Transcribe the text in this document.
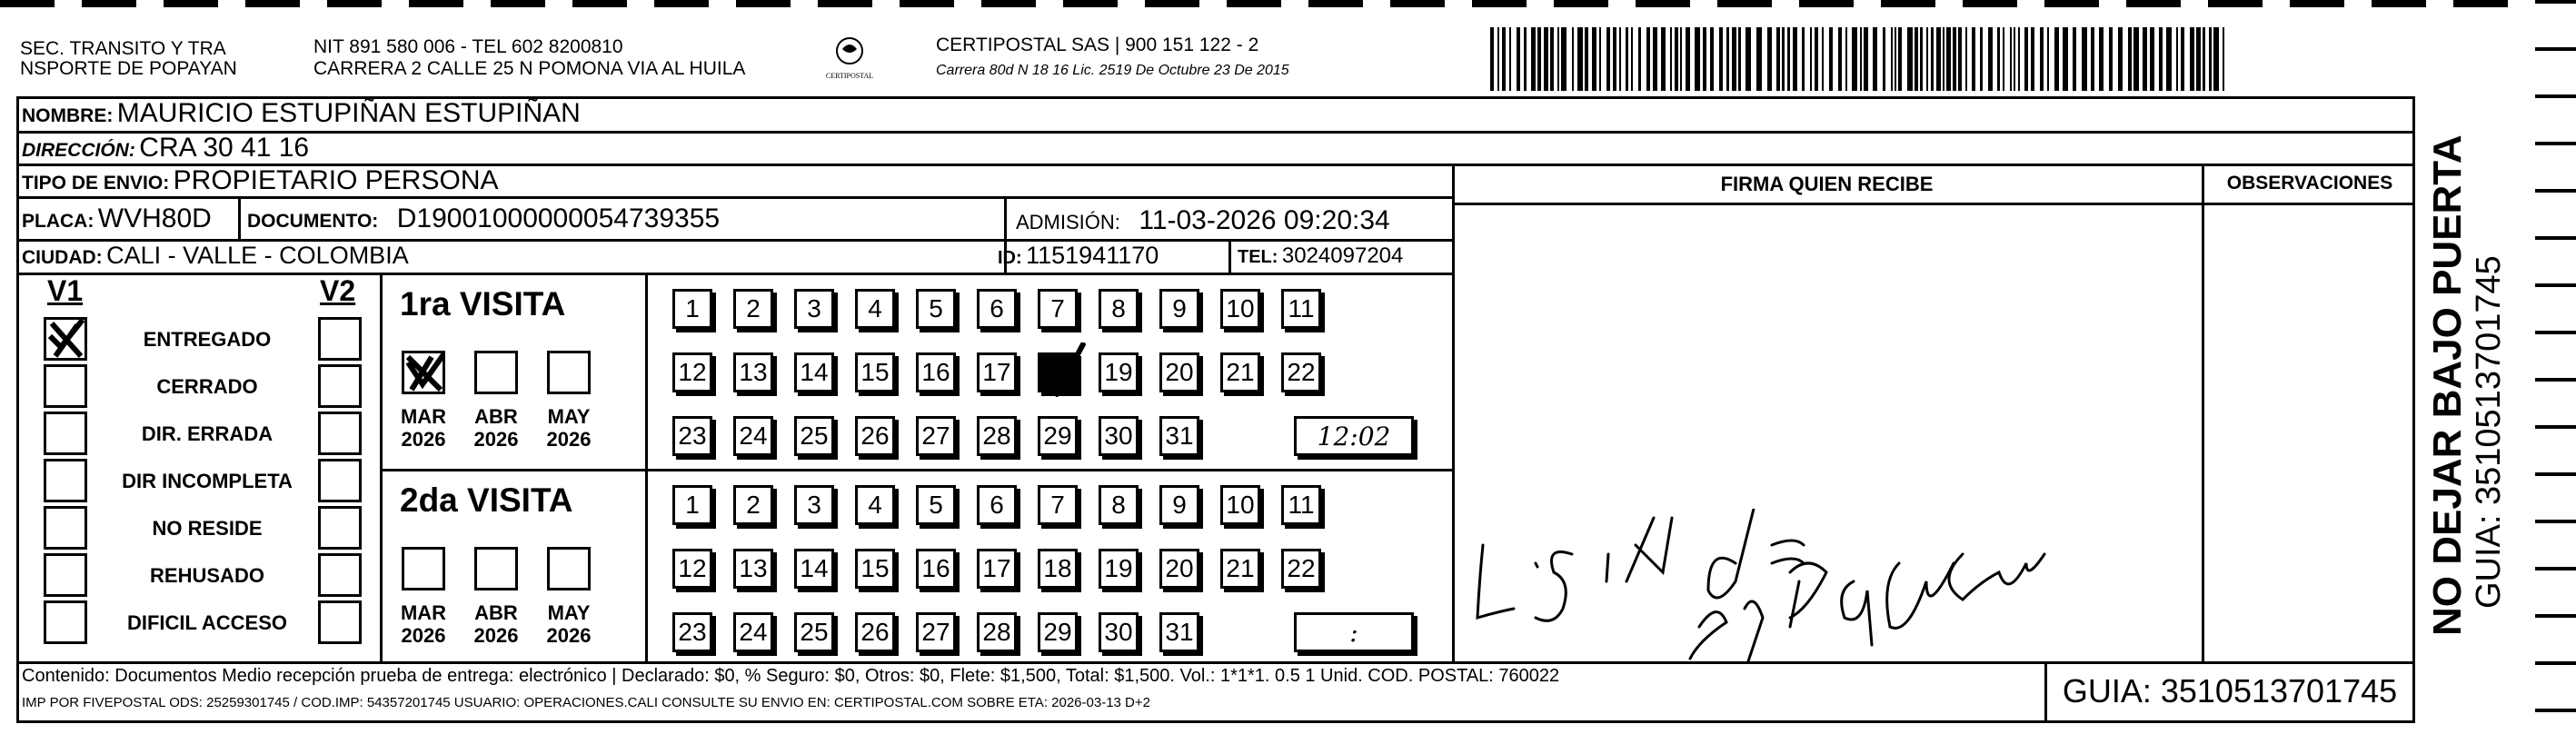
SEC. TRANSITO Y TRA
NSPORTE DE POPAYAN
NIT 891 580 006 - TEL 602 8200810
CARRERA 2 CALLE 25 N POMONA VIA AL HUILA	CERTIPOSTAL
CERTIPOSTAL SAS | 900 151 122 - 2
Carrera 80d N 18 16 Lic. 2519 De Octubre 23 De 2015
NOMBRE: MAURICIO ESTUPIÑAN ESTUPIÑAN
DIRECCIÓN: CRA 30 41 16
TIPO DE ENVIO: PROPIETARIO PERSONA
PLACA: WVH80D DOCUMENTO: D19001000000054739355	ADMISIÓN: 11-03-2026 09:20:34
CIUDAD: CALI - VALLE - COLOMBIA	ID: 1151941170	TEL: 3024097204
FIRMA QUIEN RECIBE	OBSERVACIONES
V1	V2
ENTREGADO
CERRADO
DIR. ERRADA
DIR INCOMPLETA
NO RESIDE
REHUSADO
DIFICIL ACCESO
1ra VISITA
MAR
2026
ABR
2026
MAY
2026
1	2	3	4	5	6	7	8	9	10 11
12 13 14 15 16 17	19 20 21 22
23 24 25 26 27 28 29 30 31	12:02
2da VISITA
MAR
2026
ABR
2026
MAY
2026
1	2	3	4	5	6	7	8	9	10 11
12 13 14 15 16 17 18 19 20 21 22
23 24 25 26 27 28 29 30 31	:
Contenido: Documentos Medio recepción prueba de entrega: electrónico | Declarado: $0, % Seguro: $0, Otros: $0, Flete: $1,500, Total: $1,500. Vol.: 1*1*1. 0.5 1 Unid. COD. POSTAL: 760022
IMP POR FIVEPOSTAL ODS: 25259301745 / COD.IMP: 54357201745 USUARIO: OPERACIONES.CALI CONSULTE SU ENVIO EN: CERTIPOSTAL.COM SOBRE ETA: 2026-03-13 D+2	GUIA: 3510513701745
NO DEJAR BAJO PUERTA GUIA: 3510513701745
